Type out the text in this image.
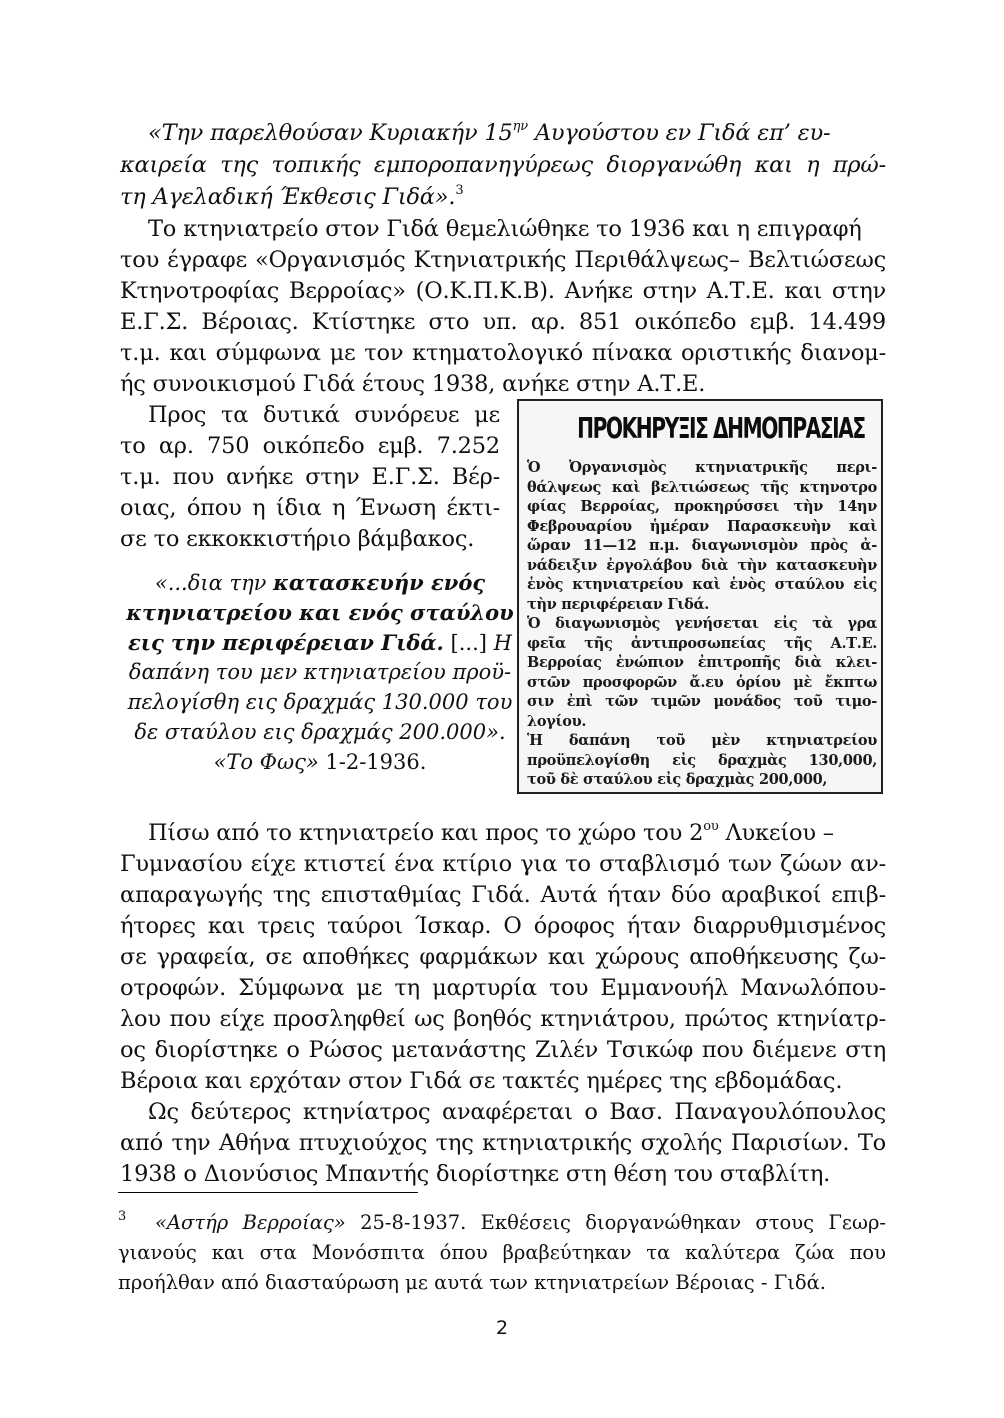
«Την παρελθούσαν Κυριακήν $15^{\eta\nu}$ Αυγούστου εν Γιδά επ’ ευ-
καιρεία της τοπικής εμποροπανηγύρεως διοργανώθη και η πρώ-
τη Αγελαδική Έκθεσις Γιδά».$^3$
Το κτηνιατρείο στον Γιδά θεμελιώθηκε το 1936 και η επιγραφή
του έγραφε «Οργανισμός Κτηνιατρικής Περιθάλψεως– Βελτιώσεως
Κτηνοτροφίας Βερροίας» (Ο.Κ.Π.Κ.Β). Ανήκε στην Α.Τ.Ε. και στην
Ε.Γ.Σ. Βέροιας. Κτίστηκε στο υπ. αρ. 851 οικόπεδο εμβ. 14.499
τ.μ. και σύμφωνα με τον κτηματολογικό πίνακα οριστικής διανομ-
ής συνοικισμού Γιδά έτους 1938, ανήκε στην Α.Τ.Ε.
Προς τα δυτικά συνόρευε με
το αρ. 750 οικόπεδο εμβ. 7.252
τ.μ. που ανήκε στην Ε.Γ.Σ. Βέρ-
οιας, όπου η ίδια η Ένωση έκτι-
σε το εκκοκκιστήριο βάμβακος.
«...δια την κατασκευήν ενός
κτηνιατρείου και ενός σταύλου
εις την περιφέρειαν Γιδά. [...] Η
δαπάνη του μεν κτηνιατρείου προϋ-
πελογίσθη εις δραχμάς 130.000 του
δε σταύλου εις δραχμάς 200.000».
«Το Φως» 1-2-1936.
ΠΡΟΚΗΡΥΞΙΣ ΔΗΜΟΠΡΑΣΙΑΣ
Ὁ Ὀργανισμὸς κτηνιατρικῆς περι-
θάλψεως καὶ βελτιώσεως τῆς κτηνοτρο
φίας Βερροίας, προκηρύσσει τὴν 14ην
Φεβρουαρίου ἡμέραν Παρασκευὴν καὶ
ὥραν 11—12 π.μ. διαγωνισμὸν πρὸς ἀ-
νάδειξιν ἐργολάβου διὰ τὴν κατασκευὴν
ἑνὸς κτηνιατρείου καὶ ἑνὸς σταύλου εἰς
τὴν περιφέρειαν Γιδά.
Ὁ διαγωνισμὸς γενήσεται εἰς τὰ γρα
φεῖα τῆς ἀντιπροσωπείας τῆς Α.Τ.Ε.
Βερροίας ἐνώπιον ἐπιτροπῆς διὰ κλει-
στῶν προσφορῶν ἄ.ευ ὁρίου μὲ ἔκπτω
σιν ἐπὶ τῶν τιμῶν μονάδος τοῦ τιμο-
λογίου.
Ἡ δαπάνη τοῦ μὲν κτηνιατρείου
προϋπελογίσθη εἰς δραχμὰς 130,000,
τοῦ δὲ σταύλου εἰς δραχμὰς 200,000,
Πίσω από το κτηνιατρείο και προς το χώρο του $2^{o\upsilon}$ Λυκείου –
Γυμνασίου είχε κτιστεί ένα κτίριο για το σταβλισμό των ζώων αν-
απαραγωγής της επισταθμίας Γιδά. Αυτά ήταν δύο αραβικοί επιβ-
ήτορες και τρεις ταύροι Ίσκαρ. Ο όροφος ήταν διαρρυθμισμένος
σε γραφεία, σε αποθήκες φαρμάκων και χώρους αποθήκευσης ζω-
οτροφών. Σύμφωνα με τη μαρτυρία του Εμμανουήλ Μανωλόπου-
λου που είχε προσληφθεί ως βοηθός κτηνιάτρου, πρώτος κτηνίατρ-
ος διορίστηκε ο Ρώσος μετανάστης Ζιλέν Τσικώφ που διέμενε στη
Βέροια και ερχόταν στον Γιδά σε τακτές ημέρες της εβδομάδας.
Ως δεύτερος κτηνίατρος αναφέρεται ο Βασ. Παναγουλόπουλος
από την Αθήνα πτυχιούχος της κτηνιατρικής σχολής Παρισίων. Το
1938 ο Διονύσιος Μπαντής διορίστηκε στη θέση του σταβλίτη.
$^3$ «Αστήρ Βερροίας» 25-8-1937. Εκθέσεις διοργανώθηκαν στους Γεωρ-
γιανούς και στα Μονόσπιτα όπου βραβεύτηκαν τα καλύτερα ζώα που
προήλθαν από διασταύρωση με αυτά των κτηνιατρείων Βέροιας - Γιδά.
2
